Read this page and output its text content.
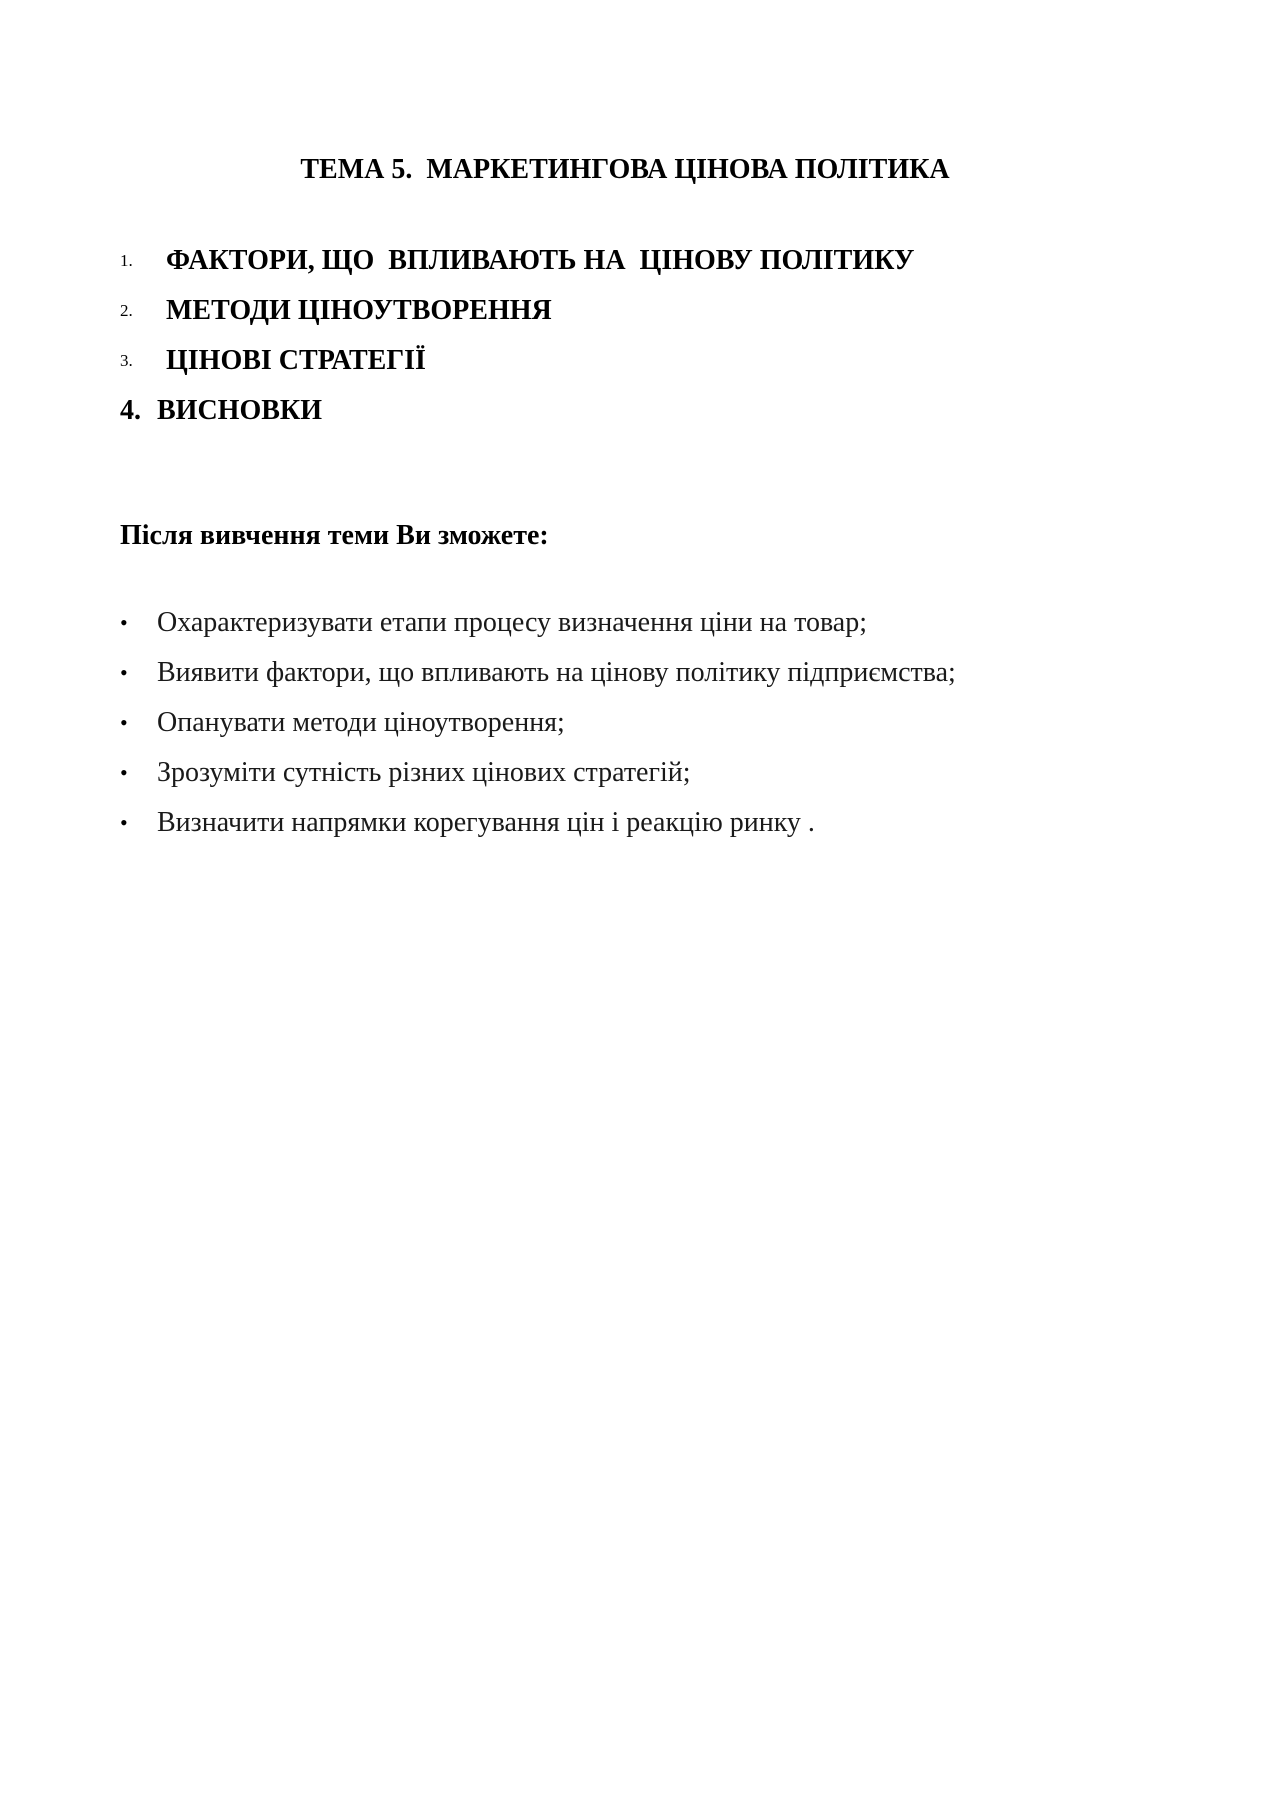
ТЕМА 5.  МАРКЕТИНГОВА ЦІНОВА ПОЛІТИКА

1.

ФАКТОРИ, ЩО  ВПЛИВАЮТЬ НА  ЦІНОВУ ПОЛІТИКУ

2.

МЕТОДИ ЦІНОУТВОРЕННЯ

3.

ЦІНОВІ СТРАТЕГІЇ

4.

ВИСНОВКИ

Після вивчення теми Ви зможете:

•

Охарактеризувати етапи процесу визначення ціни на товар;

•

Виявити фактори, що впливають на цінову політику підприємства;

•

Опанувати методи ціноутворення;

•

Зрозуміти сутність різних цінових стратегій;

•

Визначити напрямки корегування цін і реакцію ринку .
